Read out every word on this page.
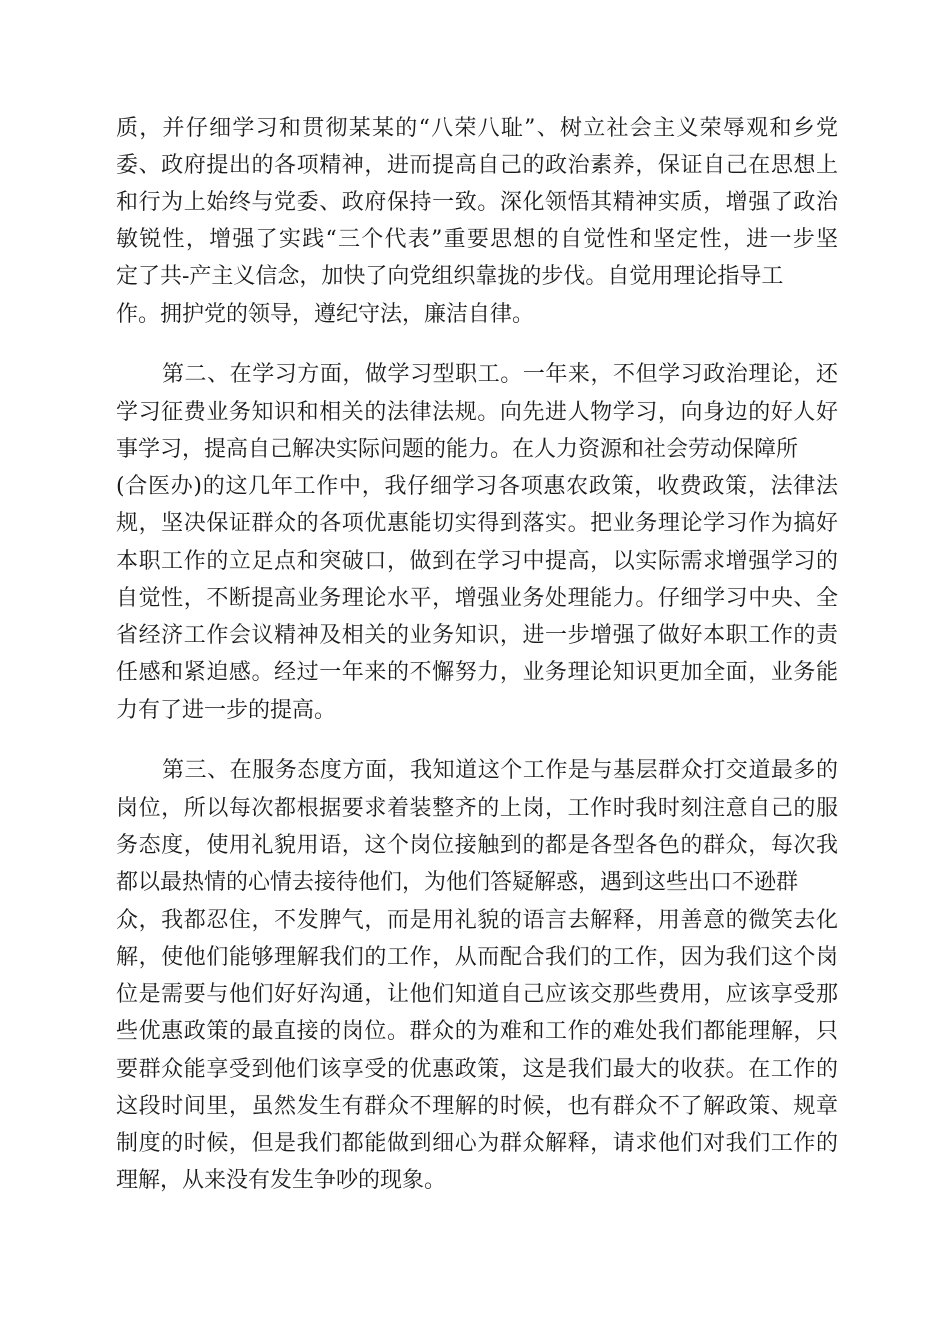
质，并仔细学习和贯彻某某的“八荣八耻”、树立社会主义荣辱观和乡党

委、政府提出的各项精神，进而提高自己的政治素养，保证自己在思想上

和行为上始终与党委、政府保持一致。深化领悟其精神实质，增强了政治

敏锐性，增强了实践“三个代表”重要思想的自觉性和坚定性，进一步坚

定了共-产主义信念，加快了向党组织靠拢的步伐。自觉用理论指导工

作。拥护党的领导，遵纪守法，廉洁自律。

第二、在学习方面，做学习型职工。一年来，不但学习政治理论，还

学习征费业务知识和相关的法律法规。向先进人物学习，向身边的好人好

事学习，提高自己解决实际问题的能力。在人力资源和社会劳动保障所

(合医办)的这几年工作中，我仔细学习各项惠农政策，收费政策，法律法

规，坚决保证群众的各项优惠能切实得到落实。把业务理论学习作为搞好

本职工作的立足点和突破口，做到在学习中提高，以实际需求增强学习的

自觉性，不断提高业务理论水平，增强业务处理能力。仔细学习中央、全

省经济工作会议精神及相关的业务知识，进一步增强了做好本职工作的责

任感和紧迫感。经过一年来的不懈努力，业务理论知识更加全面，业务能

力有了进一步的提高。

第三、在服务态度方面，我知道这个工作是与基层群众打交道最多的

岗位，所以每次都根据要求着装整齐的上岗，工作时我时刻注意自己的服

务态度，使用礼貌用语，这个岗位接触到的都是各型各色的群众，每次我

都以最热情的心情去接待他们，为他们答疑解惑，遇到这些出口不逊群

众，我都忍住，不发脾气，而是用礼貌的语言去解释，用善意的微笑去化

解，使他们能够理解我们的工作，从而配合我们的工作，因为我们这个岗

位是需要与他们好好沟通，让他们知道自己应该交那些费用，应该享受那

些优惠政策的最直接的岗位。群众的为难和工作的难处我们都能理解，只

要群众能享受到他们该享受的优惠政策，这是我们最大的收获。在工作的

这段时间里，虽然发生有群众不理解的时候，也有群众不了解政策、规章

制度的时候，但是我们都能做到细心为群众解释，请求他们对我们工作的

理解，从来没有发生争吵的现象。
